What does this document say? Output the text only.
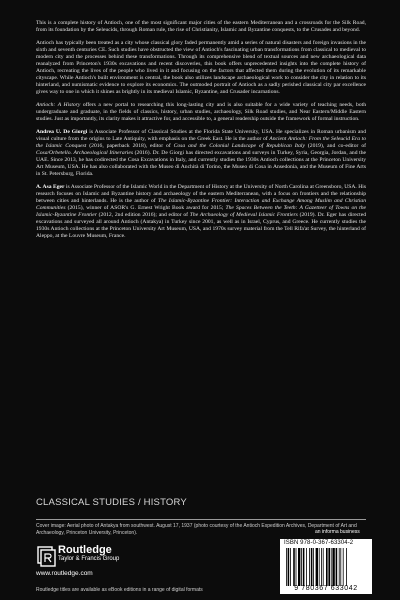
This is a complete history of Antioch, one of the most significant major cities of the eastern Mediterranean and a crossroads for the Silk Road, from its foundation by the Seleucids, through Roman rule, the rise of Christianity, Islamic and Byzantine conquests, to the Crusades and beyond.

Antioch has typically been treated as a city whose classical glory faded permanently amid a series of natural disasters and foreign invasions in the sixth and seventh centuries CE. Such studies have obstructed the view of Antioch's fascinating urban transformations from classical to medieval to modern city and the processes behind these transformations. Through its comprehensive blend of textual sources and new archaeological data reanalyzed from Princeton's 1930s excavations and recent discoveries, this book offers unprecedented insights into the complete history of Antioch, recreating the lives of the people who lived in it and focusing on the factors that affected them during the evolution of its remarkable cityscape. While Antioch's built environment is central, the book also utilizes landscape archaeological work to consider the city in relation to its hinterland, and numismatic evidence to explore its economics. The outmoded portrait of Antioch as a sadly perished classical city par excellence gives way to one in which it shines as brightly in its medieval Islamic, Byzantine, and Crusader incarnations.

Antioch: A History offers a new portal to researching this long-lasting city and is also suitable for a wide variety of teaching needs, both undergraduate and graduate, in the fields of classics, history, urban studies, archaeology, Silk Road studies, and Near Eastern/Middle Eastern studies. Just as importantly, its clarity makes it attractive for, and accessible to, a general readership outside the framework of formal instruction.

Andrea U. De Giorgi is Associate Professor of Classical Studies at the Florida State University, USA. He specializes in Roman urbanism and visual culture from the origins to Late Antiquity, with emphasis on the Greek East. He is the author of Ancient Antioch: From the Seleucid Era to the Islamic Conquest (2016, paperback 2018), editor of Cosa and the Colonial Landscape of Republican Italy (2019), and co-editor of Cosa/Orbetello. Archaeological Itineraries (2016). Dr. De Giorgi has directed excavations and surveys in Turkey, Syria, Georgia, Jordan, and the UAE. Since 2013, he has codirected the Cosa Excavations in Italy, and currently studies the 1930s Antioch collections at the Princeton University Art Museum, USA. He has also collaborated with the Museo di Anchità di Torino, the Museo di Cosa in Ansedonia, and the Museum of Fine Arts in St. Petersburg, Florida.

A. Asa Eger is Associate Professor of the Islamic World in the Department of History at the University of North Carolina at Greensboro, USA. His research focuses on Islamic and Byzantine history and archaeology of the eastern Mediterranean, with a focus on frontiers and the relationship between cities and hinterlands. He is the author of The Islamic-Byzantine Frontier: Interaction and Exchange Among Muslim and Christian Communities (2015), winner of ASOR's G. Ernest Wright Book award for 2015; The Spaces Between the Teeth: A Gazetteer of Towns on the Islamic-Byzantine Frontier (2012, 2nd edition 2016); and editor of The Archaeology of Medieval Islamic Frontiers (2019). Dr. Eger has directed excavations and surveyed all around Antioch (Antakya) in Turkey since 2001, as well as in Israel, Cyprus, and Greece. He currently studies the 1930s Antioch collections at the Princeton University Art Museum, USA, and 1970s survey material from the Tell Rifa'at Survey, the hinterland of Aleppo, at the Louvre Museum, France.

CLASSICAL STUDIES / HISTORY
Cover image: Aerial photo of Antakya from southwest. August 17, 1937 (photo courtesy of the Antioch Expedition Archives, Department of Art and Archaeology, Princeton University, Princeton).
Routledge
Taylor & Francis Group
www.routledge.com
Routledge titles are available as eBook editions in a range of digital formats
an informa business
ISBN 978-0-367-63304-2
9 780367 633042
